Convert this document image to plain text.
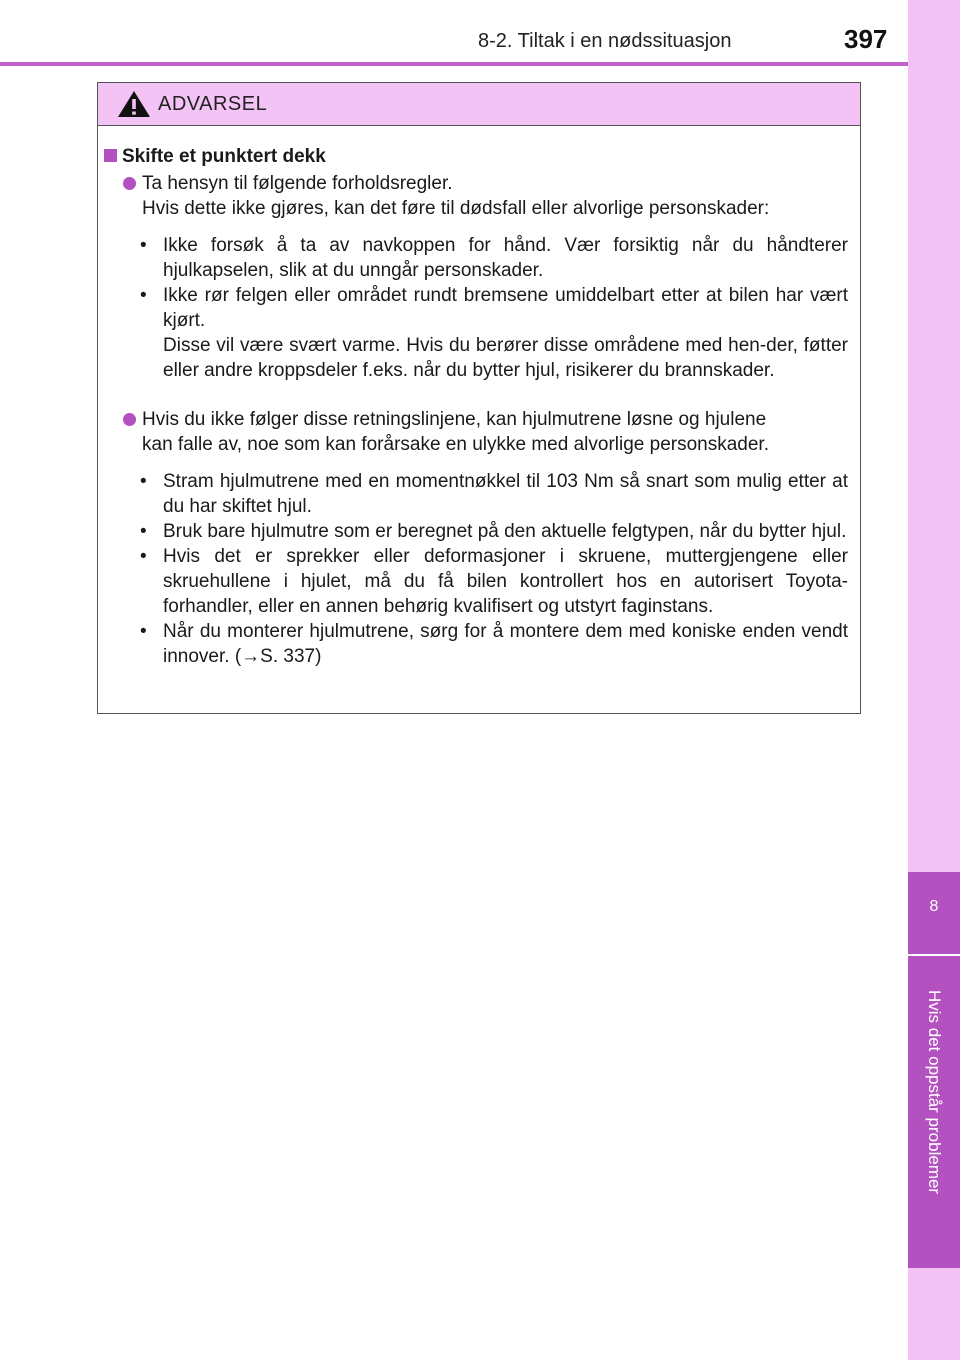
8-2. Tiltak i en nødssituasjon	397
8
Hvis det oppstår problemer
ADVARSEL
Skifte et punktert dekk
Ta hensyn til følgende forholdsregler.
Hvis dette ikke gjøres, kan det føre til dødsfall eller alvorlige personskader:
• Ikke forsøk å ta av navkoppen for hånd. Vær forsiktig når du håndterer hjulkapselen, slik at du unngår personskader.
• Ikke rør felgen eller området rundt bremsene umiddelbart etter at bilen har vært kjørt.
Disse vil være svært varme. Hvis du berører disse områdene med hen-der, føtter eller andre kroppsdeler f.eks. når du bytter hjul, risikerer du brannskader.
Hvis du ikke følger disse retningslinjene, kan hjulmutrene løsne og hjulene
kan falle av, noe som kan forårsake en ulykke med alvorlige personskader.
• Stram hjulmutrene med en momentnøkkel til 103 Nm så snart som mulig etter at du har skiftet hjul.
• Bruk bare hjulmutre som er beregnet på den aktuelle felgtypen, når du bytter hjul.
• Hvis det er sprekker eller deformasjoner i skruene, muttergjengene eller skruehullene i hjulet, må du få bilen kontrollert hos en autorisert Toyota-forhandler, eller en annen behørig kvalifisert og utstyrt faginstans.
• Når du monterer hjulmutrene, sørg for å montere dem med koniske enden vendt innover. (→S. 337)
